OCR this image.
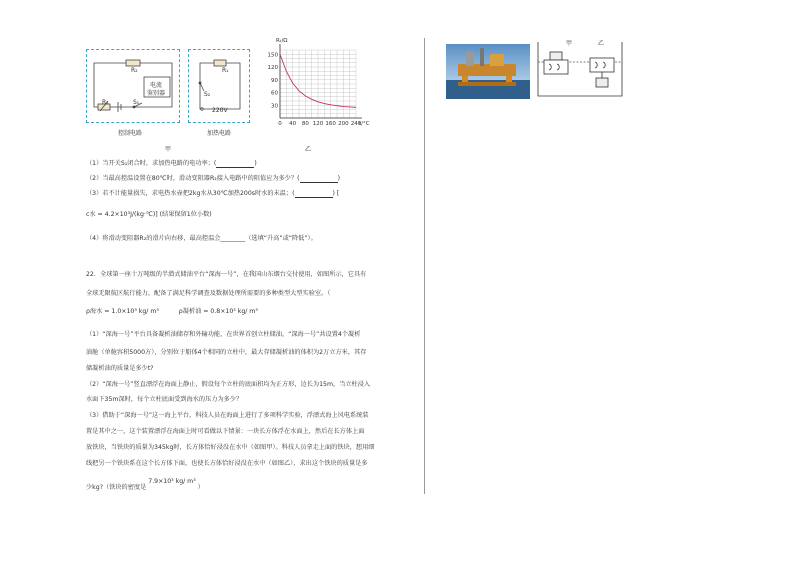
R₂
电流
鉴别器
R₁	S₁
控制电路
R₁
S₂
220V
加热电路
甲
150
120
90
60
30
0 40 80 120 160 200 240
Rₜ/Ω
t/°C
乙
（1）当开关S₁闭合时，求加热电路的电功率；(	)
（2）当最高控温设置在80℃时，滑动变阻器R₂接入电路中的阻值应为多少？(	)
（3）若不计能量损失，求电热水壶把2kg水从30℃加热200s时水的末温；(	) [
c水 = 4.2×10³J/(kg·℃)] (结果保留1位小数)
（4）将滑动变阻器R₂的滑片向右移，最高控温会________（选填“升高”或“降低”）。
22．全球第一座十万吨级的半潜式储油平台“深海一号”，在我国山东烟台交付使用，如图所示，它具有
全球无限航区航行能力，配备了满足科学调查及数据处理所需要的多种类型大型实验室。（
ρ海水 = 1.0×10³ kg/ m³	ρ凝析油 = 0.8×10³ kg/ m³
（1）“深海一号”平台具备凝析油储存和外输功能，在世界首创立柱储油，“深海一号”共设置4个凝析
油舱（单舱容积5000方），分别位于船体4个相同的立柱中，最大存储凝析油的体积为2万立方米，其存
储凝析油的质量是多少t?
（2）“深海一号”竖直漂浮在海面上静止，假设每个立柱的底面积均为正方形，边长为15m，当立柱浸入
水面下35m深时，每个立柱底面受到海水的压力为多少？
（3）借助于“深海一号”这一海上平台，科技人员在海面上进行了多项科学实验，浮漂式海上风电系统装
置是其中之一，这个装置漂浮在海面上时可看做以下情景：一块长方体浮在水面上，然后在长方体上面
放铁块，当铁块的质量为345kg时，长方体恰好浸没在水中（如图甲）。科技人员拿走上面的铁块，想用细
线把另一个铁块系在这个长方体下面，也使长方体恰好浸没在水中（如图乙），求出这个铁块的质量是多
少kg?（铁块的密度是 7.9×10³ kg/ m³ ）
甲	乙
